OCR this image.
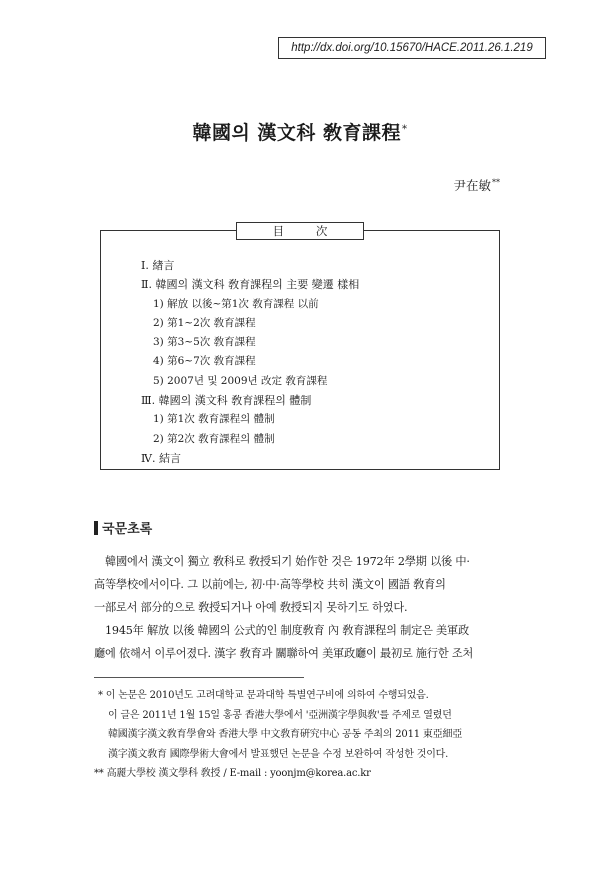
http://dx.doi.org/10.15670/HACE.2011.26.1.219
韓國의 漢文科 敎育課程*
尹在敏**
目 次
Ⅰ. 緖言
Ⅱ. 韓國의 漢文科 敎育課程의 主要 變遷 樣相
1) 解放 以後~第1次 敎育課程 以前
2) 第1~2次 敎育課程
3) 第3~5次 敎育課程
4) 第6~7次 敎育課程
5) 2007년 및 2009년 改定 敎育課程
Ⅲ. 韓國의 漢文科 敎育課程의 體制
1) 第1次 敎育課程의 體制
2) 第2次 敎育課程의 體制
Ⅳ. 結言
국문초록
韓國에서 漢文이 獨立 敎科로 敎授되기 始作한 것은 1972年 2學期 以後 中·
高等學校에서이다. 그 以前에는, 初·中·高等學校 共히 漢文이 國語 敎育의
一部로서 部分的으로 敎授되거나 아예 敎授되지 못하기도 하였다.
1945年 解放 以後 韓國의 公式的인 制度敎育 內 敎育課程의 制定은 美軍政
廳에 依해서 이루어졌다. 漢字 敎育과 關聯하여 美軍政廳이 最初로 施行한 조처
* 이 논문은 2010년도 고려대학교 문과대학 특별연구비에 의하여 수행되었음.
이 글은 2011년 1월 15일 홍콩 香港大學에서 '亞洲漢字學與敎'를 주제로 열렸던
韓國漢字漢文敎育學會와 香港大學 中文敎育硏究中心 공동 주최의 2011 東亞細亞
漢字漢文敎育 國際學術大會에서 발표했던 논문을 수정 보완하여 작성한 것이다.
** 高麗大學校 漢文學科 敎授 / E-mail : yoonjm@korea.ac.kr
